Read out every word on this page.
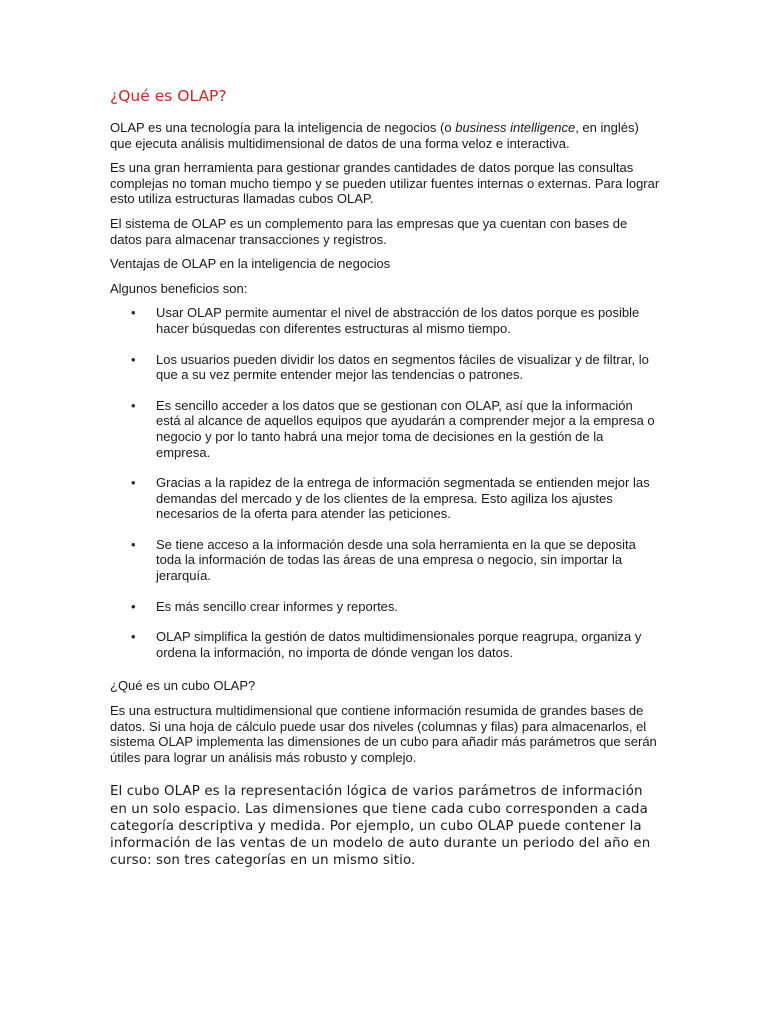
¿Qué es OLAP?

OLAP es una tecnología para la inteligencia de negocios (o business intelligence, en inglés) que ejecuta análisis multidimensional de datos de una forma veloz e interactiva.

Es una gran herramienta para gestionar grandes cantidades de datos porque las consultas complejas no toman mucho tiempo y se pueden utilizar fuentes internas o externas. Para lograr esto utiliza estructuras llamadas cubos OLAP.

El sistema de OLAP es un complemento para las empresas que ya cuentan con bases de datos para almacenar transacciones y registros.

Ventajas de OLAP en la inteligencia de negocios

Algunos beneficios son:

• Usar OLAP permite aumentar el nivel de abstracción de los datos porque es posible hacer búsquedas con diferentes estructuras al mismo tiempo.
• Los usuarios pueden dividir los datos en segmentos fáciles de visualizar y de filtrar, lo que a su vez permite entender mejor las tendencias o patrones.
• Es sencillo acceder a los datos que se gestionan con OLAP, así que la información está al alcance de aquellos equipos que ayudarán a comprender mejor a la empresa o negocio y por lo tanto habrá una mejor toma de decisiones en la gestión de la empresa.
• Gracias a la rapidez de la entrega de información segmentada se entienden mejor las demandas del mercado y de los clientes de la empresa. Esto agiliza los ajustes necesarios de la oferta para atender las peticiones.
• Se tiene acceso a la información desde una sola herramienta en la que se deposita toda la información de todas las áreas de una empresa o negocio, sin importar la jerarquía.
• Es más sencillo crear informes y reportes.
• OLAP simplifica la gestión de datos multidimensionales porque reagrupa, organiza y ordena la información, no importa de dónde vengan los datos.

¿Qué es un cubo OLAP?

Es una estructura multidimensional que contiene información resumida de grandes bases de datos. Si una hoja de cálculo puede usar dos niveles (columnas y filas) para almacenarlos, el sistema OLAP implementa las dimensiones de un cubo para añadir más parámetros que serán útiles para lograr un análisis más robusto y complejo.

El cubo OLAP es la representación lógica de varios parámetros de información en un solo espacio. Las dimensiones que tiene cada cubo corresponden a cada categoría descriptiva y medida. Por ejemplo, un cubo OLAP puede contener la información de las ventas de un modelo de auto durante un periodo del año en curso: son tres categorías en un mismo sitio.
